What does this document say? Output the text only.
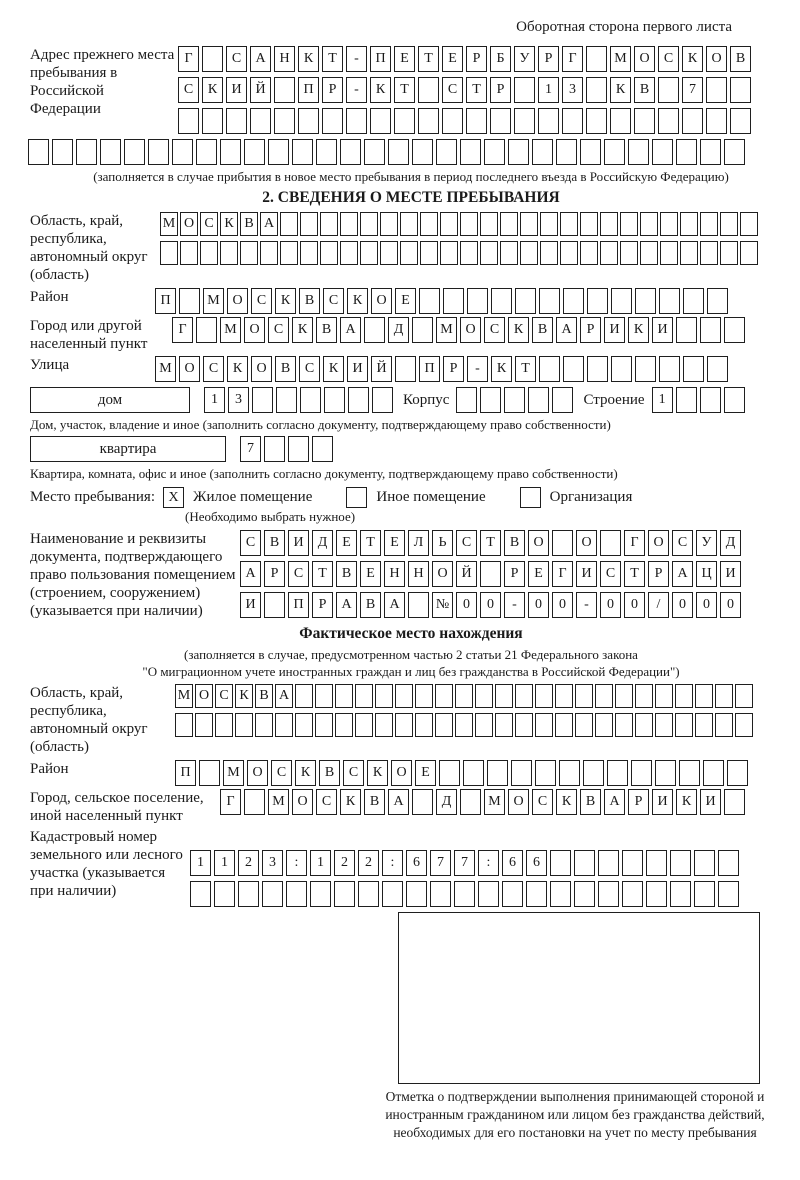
Оборотная сторона первого листа
Адрес прежнего места пребывания в Российской Федерации
Г	С	А Н	К	Т	-	П	Е	Т	Е	Р	Б	У	Р	Г	М О	С	К	О	В
С	К	И Й	П	Р	-	К	Т	С	Т	Р	1	3	К	В	7
(заполняется в случае прибытия в новое место пребывания в период последнего въезда в Российскую Федерацию)
2. СВЕДЕНИЯ О МЕСТЕ ПРЕБЫВАНИЯ
Область, край, республика, автономный округ (область)
М О С К В А
Район	П	М О	С	К	В	С	К	О	Е
Город или другой населенный пункт
Г	М О	С	К	В	А	Д	М О	С	К	В	А	Р	И	К	И
Улица	М О	С	К	О	В	С	К	И Й	П	Р	-	К	Т
дом	1	3	Корпус	Строение	1
Дом, участок, владение и иное (заполнить согласно документу, подтверждающему право собственности)
квартира	7
Квартира, комната, офис и иное (заполнить согласно документу, подтверждающему право собственности)
Место пребывания: X Жилое помещение	Иное помещение	Организация
(Необходимо выбрать нужное)
Наименование и реквизиты документа, подтверждающего право пользования помещением (строением, сооружением) (указывается при наличии)
С	В	И	Д	Е	Т	Е	Л	Ь	С	Т	В	О	О	Г	О	С	У	Д
А	Р	С	Т	В	Е	Н Н О Й	Р	Е	Г	И	С	Т	Р	А Ц И
И	П	Р	А	В	А	№ 0	0	-	0	0	-	0	0	/	0	0	0
Фактическое место нахождения
(заполняется в случае, предусмотренном частью 2 статьи 21 Федерального закона
"О миграционном учете иностранных граждан и лиц без гражданства в Российской Федерации")
Область, край, республика, автономный округ (область)
М О С К В А
Район	П	М О	С	К	В	С	К	О	Е
Город, сельское поселение, иной населенный пункт
Г	М О	С	К	В	А	Д	М О	С	К	В	А	Р	И	К	И
Кадастровый номер земельного или лесного участка (указывается при наличии)
1	1	2	3	:	1	2	2	:	6	7	7	:	6	6
Отметка о подтверждении выполнения принимающей стороной и иностранным гражданином или лицом без гражданства действий, необходимых для его постановки на учет по месту пребывания
